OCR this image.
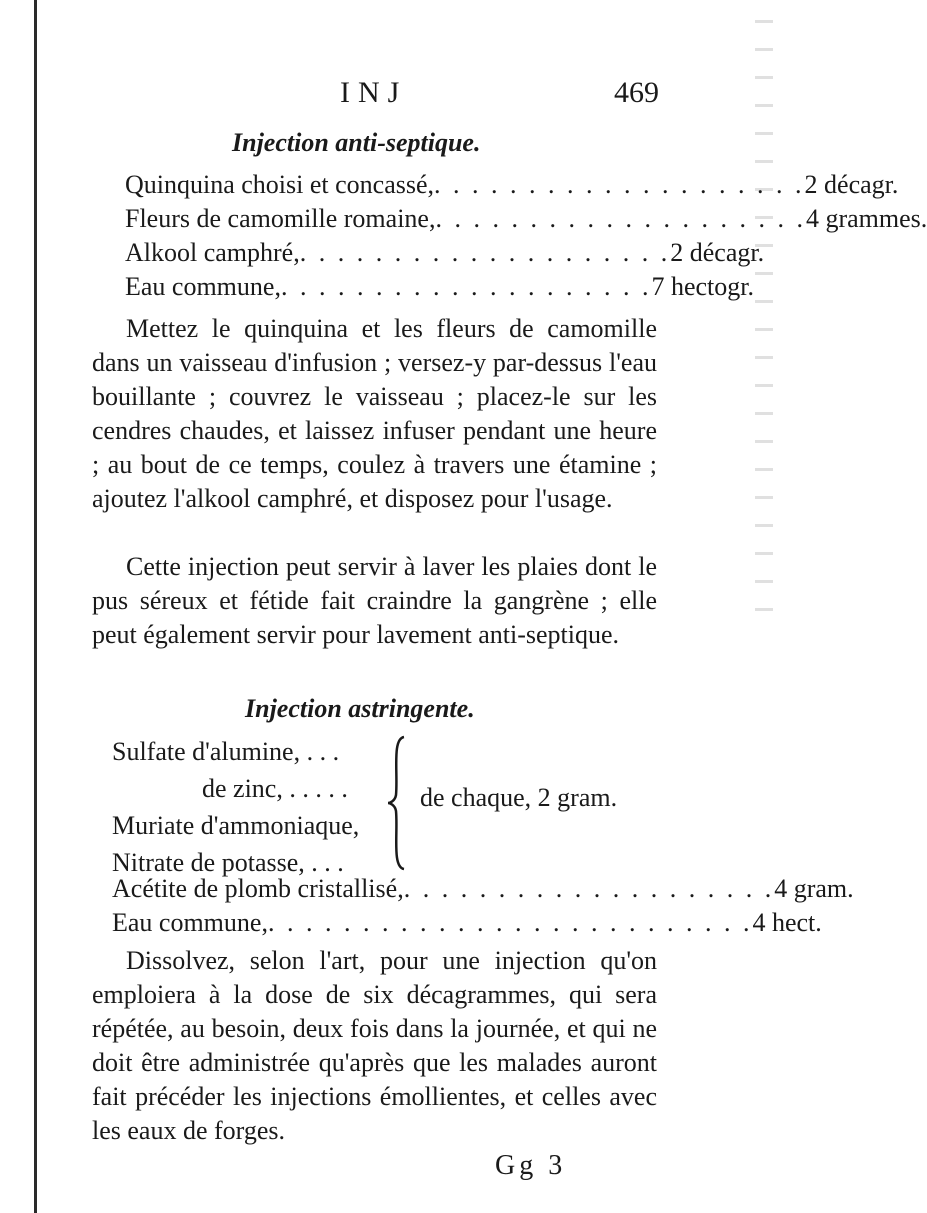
INJ	469
Injection anti-septique.
Quinquina choisi et concassé, . . . . . . . . . . . . . . . . . . . . 2 décagr.
Fleurs de camomille romaine, . . . . . . . . . . . . . . . . . . . . 4 grammes.
Alkool camphré, . . . . . . . . . . . . . . . . . . . . 2 décagr.
Eau commune, . . . . . . . . . . . . . . . . . . . . 7 hectogr.
Mettez le quinquina et les fleurs de camomille dans un vaisseau d'infusion ; versez-y par-dessus l'eau bouillante ; couvrez le vaisseau ; placez-le sur les cendres chaudes, et laissez infuser pendant une heure ; au bout de ce temps, coulez à travers une étamine ; ajoutez l'alkool camphré, et disposez pour l'usage.
Cette injection peut servir à laver les plaies dont le pus séreux et fétide fait craindre la gangrène ; elle peut également servir pour lavement anti-septique.
Injection astringente.
Sulfate d'alumine, . . .
de zinc, . . . . .
Muriate d'ammoniaque,
Nitrate de potasse, . . .
de chaque, 2 gram.
Acétite de plomb cristallisé, . . . . . . . . . . . . . . . . . . . . 4 gram.
Eau commune, . . . . . . . . . . . . . . . . . . . . . . . . . . 4 hect.
Dissolvez, selon l'art, pour une injection qu'on emploiera à la dose de six décagrammes, qui sera répétée, au besoin, deux fois dans la journée, et qui ne doit être administrée qu'après que les malades auront fait précéder les injections émollientes, et celles avec les eaux de forges.
Gg 3
